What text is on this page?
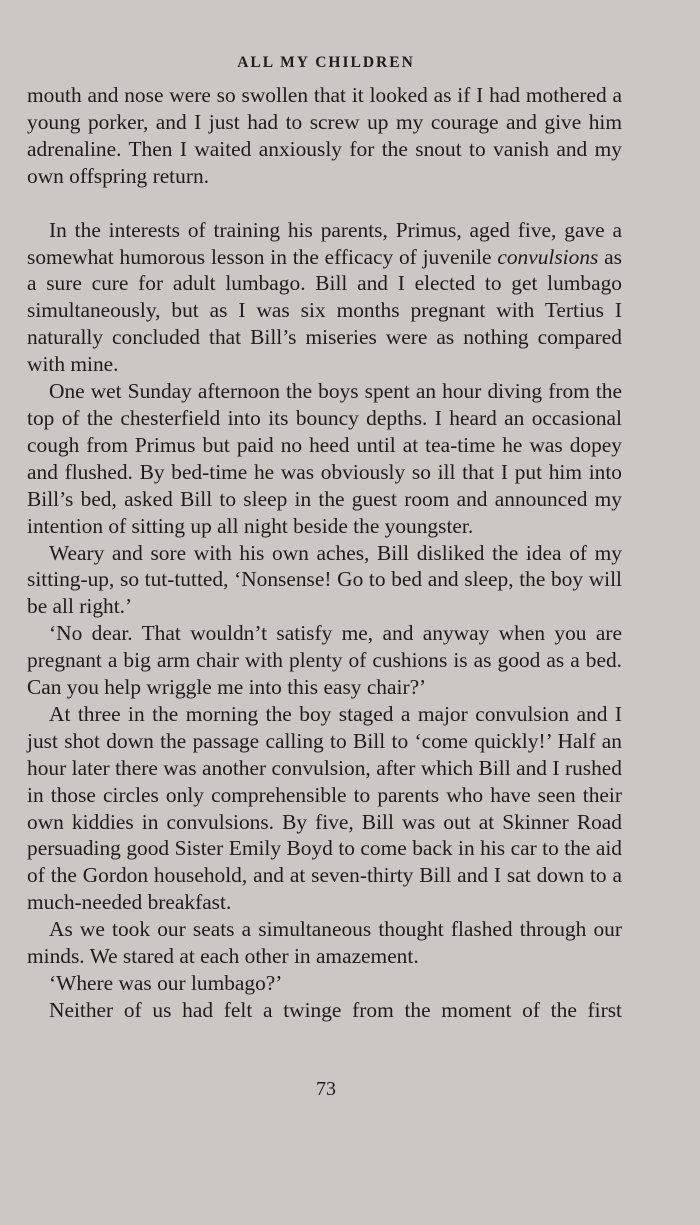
ALL MY CHILDREN

mouth and nose were so swollen that it looked as if I had mothered a young porker, and I just had to screw up my courage and give him adrenaline. Then I waited anxiously for the snout to vanish and my own offspring return.

In the interests of training his parents, Primus, aged five, gave a somewhat humorous lesson in the efficacy of juvenile convulsions as a sure cure for adult lumbago. Bill and I elected to get lumbago simultaneously, but as I was six months pregnant with Tertius I naturally concluded that Bill’s miseries were as nothing compared with mine.

One wet Sunday afternoon the boys spent an hour diving from the top of the chesterfield into its bouncy depths. I heard an occasional cough from Primus but paid no heed until at tea-time he was dopey and flushed. By bed-time he was obviously so ill that I put him into Bill’s bed, asked Bill to sleep in the guest room and announced my intention of sitting up all night beside the youngster.

Weary and sore with his own aches, Bill disliked the idea of my sitting-up, so tut-tutted, ‘Nonsense! Go to bed and sleep, the boy will be all right.’

‘No dear. That wouldn’t satisfy me, and anyway when you are pregnant a big arm chair with plenty of cushions is as good as a bed. Can you help wriggle me into this easy chair?’

At three in the morning the boy staged a major convulsion and I just shot down the passage calling to Bill to ‘come quickly!’ Half an hour later there was another convulsion, after which Bill and I rushed in those circles only comprehensible to parents who have seen their own kiddies in convulsions. By five, Bill was out at Skinner Road persuading good Sister Emily Boyd to come back in his car to the aid of the Gordon household, and at seven-thirty Bill and I sat down to a much-needed breakfast.

As we took our seats a simultaneous thought flashed through our minds. We stared at each other in amazement.

‘Where was our lumbago?’

Neither of us had felt a twinge from the moment of the first

73
